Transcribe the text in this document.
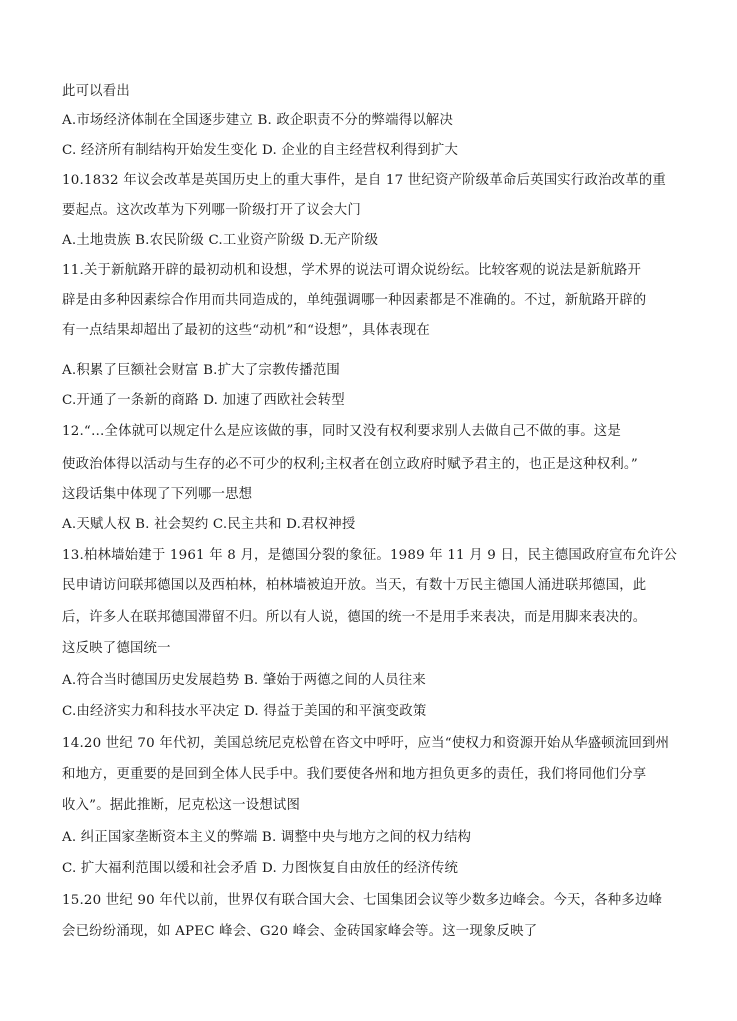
此可以看出
A.市场经济体制在全国逐步建立 B. 政企职责不分的弊端得以解决
C. 经济所有制结构开始发生变化 D. 企业的自主经营权利得到扩大
10.1832 年议会改革是英国历史上的重大事件，是自 17 世纪资产阶级革命后英国实行政治改革的重
要起点。这次改革为下列哪一阶级打开了议会大门
A.土地贵族 B.农民阶级 C.工业资产阶级 D.无产阶级
11.关于新航路开辟的最初动机和设想，学术界的说法可谓众说纷纭。比较客观的说法是新航路开
辟是由多种因素综合作用而共同造成的，单纯强调哪一种因素都是不准确的。不过，新航路开辟的
有一点结果却超出了最初的这些“动机”和“设想”，具体表现在
A.积累了巨额社会财富 B.扩大了宗教传播范围
C.开通了一条新的商路 D. 加速了西欧社会转型
12.“…全体就可以规定什么是应该做的事，同时又没有权利要求别人去做自己不做的事。这是
使政治体得以活动与生存的必不可少的权利;主权者在创立政府时赋予君主的，也正是这种权利。”
这段话集中体现了下列哪一思想
A.天赋人权 B. 社会契约 C.民主共和 D.君权神授
13.柏林墙始建于 1961 年 8 月，是德国分裂的象征。1989 年 11 月 9 日，民主德国政府宣布允许公
民申请访问联邦德国以及西柏林，柏林墙被迫开放。当天，有数十万民主德国人涌进联邦德国，此
后，许多人在联邦德国滞留不归。所以有人说，德国的统一不是用手来表决，而是用脚来表决的。
这反映了德国统一
A.符合当时德国历史发展趋势 B. 肇始于两德之间的人员往来
C.由经济实力和科技水平决定 D. 得益于美国的和平演变政策
14.20 世纪 70 年代初，美国总统尼克松曾在咨文中呼吁，应当“使权力和资源开始从华盛顿流回到州
和地方，更重要的是回到全体人民手中。我们要使各州和地方担负更多的责任，我们将同他们分享
收入”。据此推断，尼克松这一设想试图
A. 纠正国家垄断资本主义的弊端 B. 调整中央与地方之间的权力结构
C. 扩大福利范围以缓和社会矛盾 D. 力图恢复自由放任的经济传统
15.20 世纪 90 年代以前，世界仅有联合国大会、七国集团会议等少数多边峰会。今天，各种多边峰
会已纷纷涌现，如 APEC 峰会、G20 峰会、金砖国家峰会等。这一现象反映了
